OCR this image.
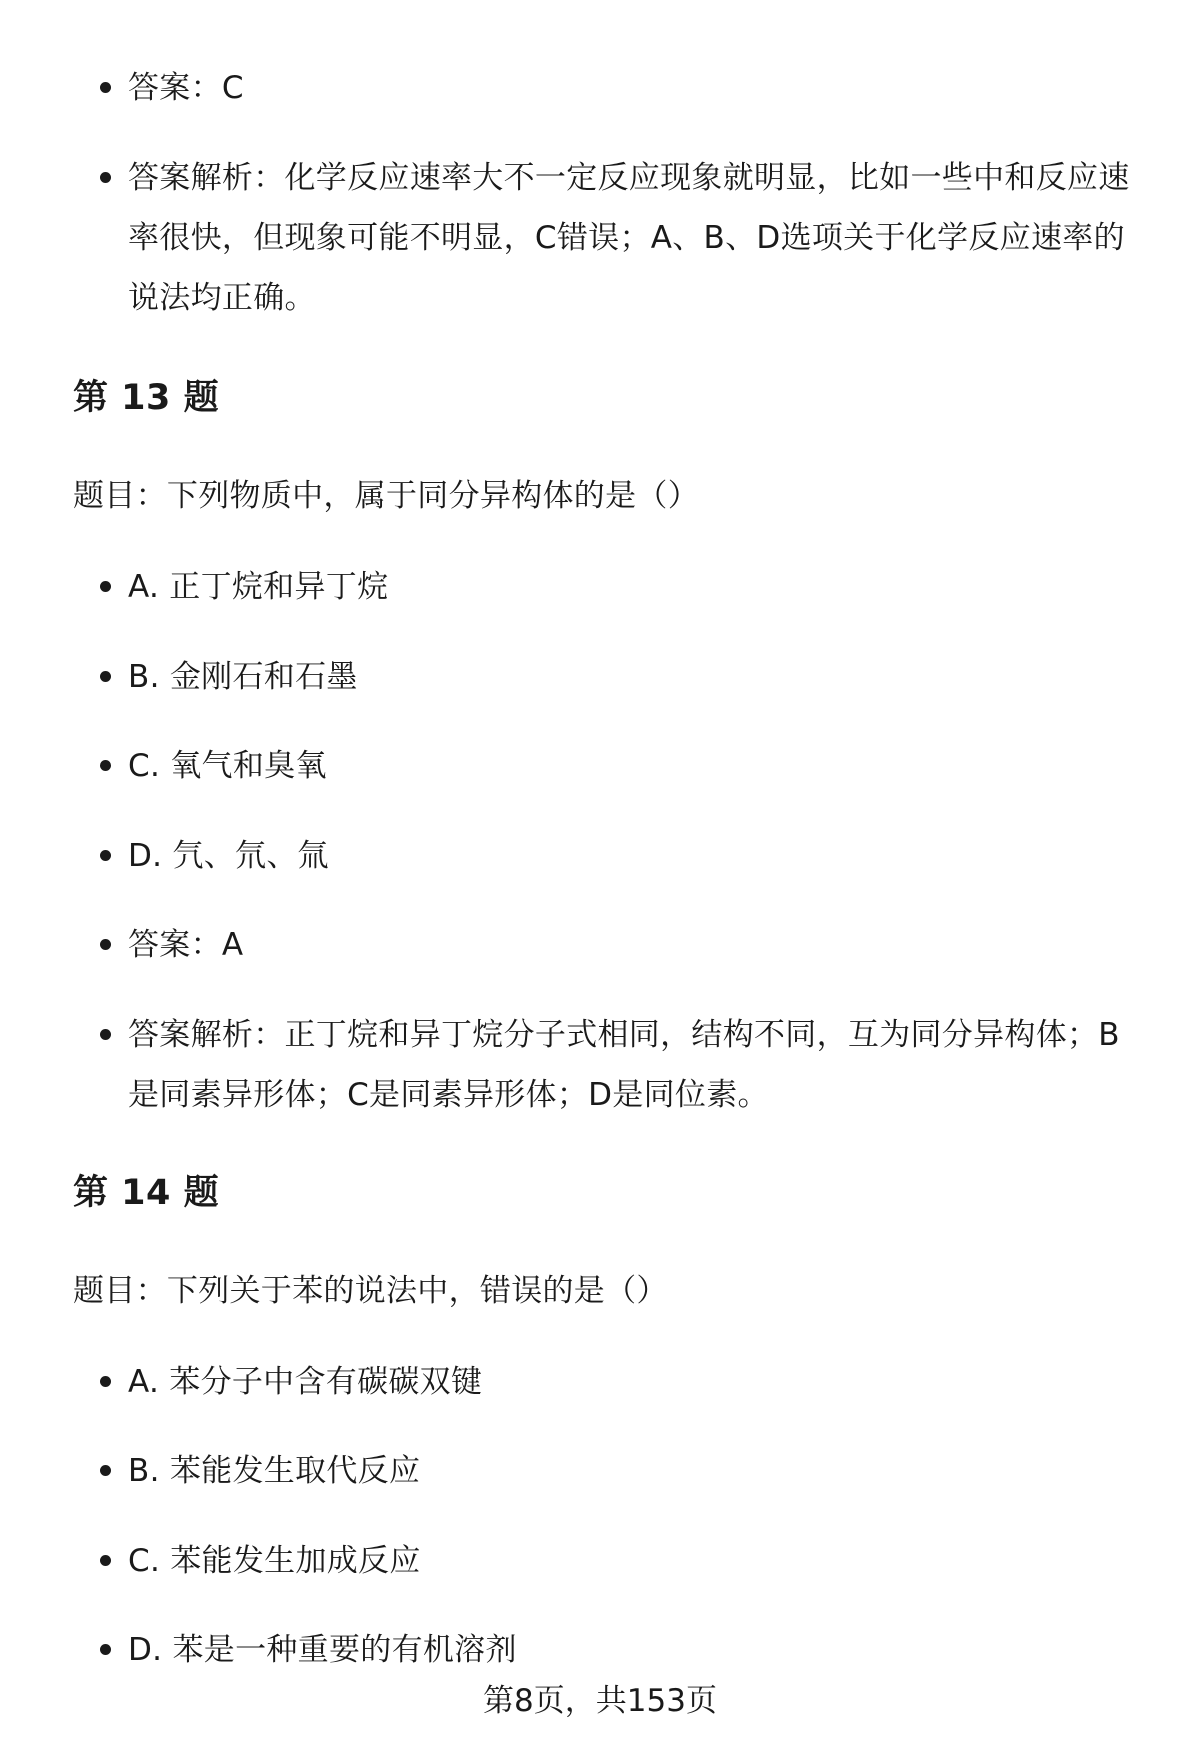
答案：C
答案解析：化学反应速率大不一定反应现象就明显，比如一些中和反应速率很快，但现象可能不明显，C错误；A、B、D选项关于化学反应速率的说法均正确。
第 13 题
题目：下列物质中，属于同分异构体的是（）
A. 正丁烷和异丁烷
B. 金刚石和石墨
C. 氧气和臭氧
D. 氕、氘、氚
答案：A
答案解析：正丁烷和异丁烷分子式相同，结构不同，互为同分异构体；B是同素异形体；C是同素异形体；D是同位素。
第 14 题
题目：下列关于苯的说法中，错误的是（）
A. 苯分子中含有碳碳双键
B. 苯能发生取代反应
C. 苯能发生加成反应
D. 苯是一种重要的有机溶剂
第8页，共153页
